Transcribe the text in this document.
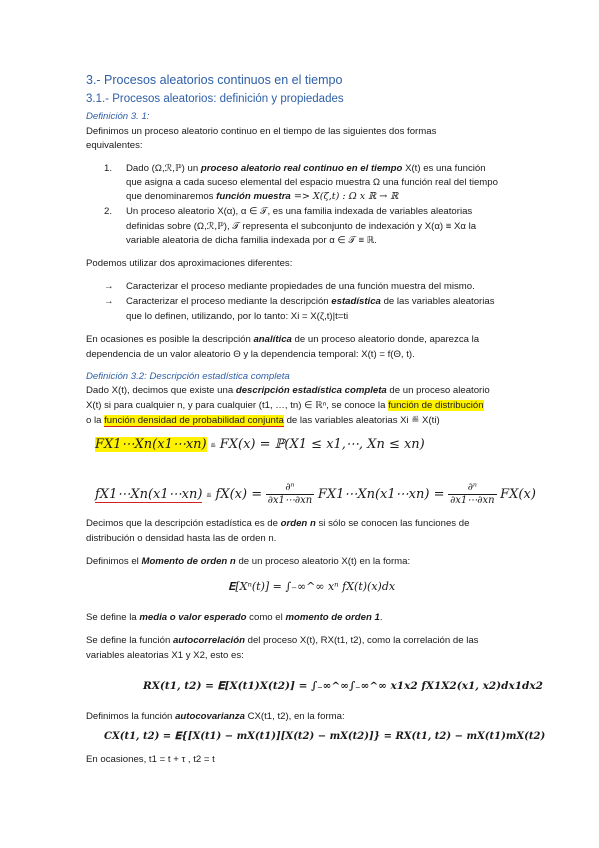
3.- Procesos aleatorios continuos en el tiempo
3.1.- Procesos aleatorios: definición y propiedades
Definición 3. 1:
Definimos un proceso aleatorio continuo en el tiempo de las siguientes dos formas
equivalentes:
1. Dado (Ω,ℛ,ℙ) un proceso aleatorio real continuo en el tiempo X(t) es una función
que asigna a cada suceso elemental del espacio muestra Ω una función real del tiempo
que denominaremos función muestra => X(ζ,t) : Ω x ℝ → ℝ
2. Un proceso aleatorio X(α), α ∈ 𝒯, es una familia indexada de variables aleatorias
definidas sobre (Ω,ℛ,ℙ), 𝒯 representa el subconjunto de indexación y X(α) ≡ Xα la
variable aleatoria de dicha familia indexada por α ∈ 𝒯 ≡ ℝ.
Podemos utilizar dos aproximaciones diferentes:
→ Caracterizar el proceso mediante propiedades de una función muestra del mismo.
→ Caracterizar el proceso mediante la descripción estadística de las variables aleatorias
que lo definen, utilizando, por lo tanto: Xi = X(ζ,t)|t=ti
En ocasiones es posible la descripción analítica de un proceso aleatorio donde, aparezca la
dependencia de un valor aleatorio Θ y la dependencia temporal: X(t) = f(Θ, t).
Definición 3.2: Descripción estadística completa
Dado X(t), decimos que existe una descripción estadística completa de un proceso aleatorio
X(t) si para cualquier n, y para cualquier (t1, …, tn) ∈ ℝⁿ, se conoce la función de distribución
o la función densidad de probabilidad conjunta de las variables aleatorias Xi ≝ X(ti)
FX1⋯Xn(x1⋯xn) ≝ FX(x) = ℙ(X1 ≤ x1,⋯, Xn ≤ xn)
fX1⋯Xn(x1⋯xn) ≝ $fX(x) = \frac{\text{∂ⁿ}}{\partial x1\cdots\partial xn}$ FX1⋯Xn(x1⋯xn) = $\frac{\text{∂ⁿ}}{\partial x1\cdots\partial xn} FX(x)$
Decimos que la descripción estadística es de orden n si sólo se conocen las funciones de
distribución o densidad hasta las de orden n.
Definimos el Momento de orden n de un proceso aleatorio X(t) en la forma:
𝐄[Xⁿ(t)] = ∫₋∞^∞ xⁿ fX(t)(x)dx
Se define la media o valor esperado como el momento de orden 1.
Se define la función autocorrelación del proceso X(t), RX(t1, t2), como la correlación de las
variables aleatorias X1 y X2, esto es:
RX(t1, t2) = 𝐄[X(t1)X(t2)] = ∫₋∞^∞∫₋∞^∞ x1x2 fX1X2(x1, x2)dx1dx2
Definimos la función autocovarianza CX(t1, t2), en la forma:
CX(t1, t2) = 𝐄{[X(t1) − mX(t1)][X(t2) − mX(t2)]} = RX(t1, t2) − mX(t1)mX(t2)
En ocasiones, t1 = t + τ , t2 = t
